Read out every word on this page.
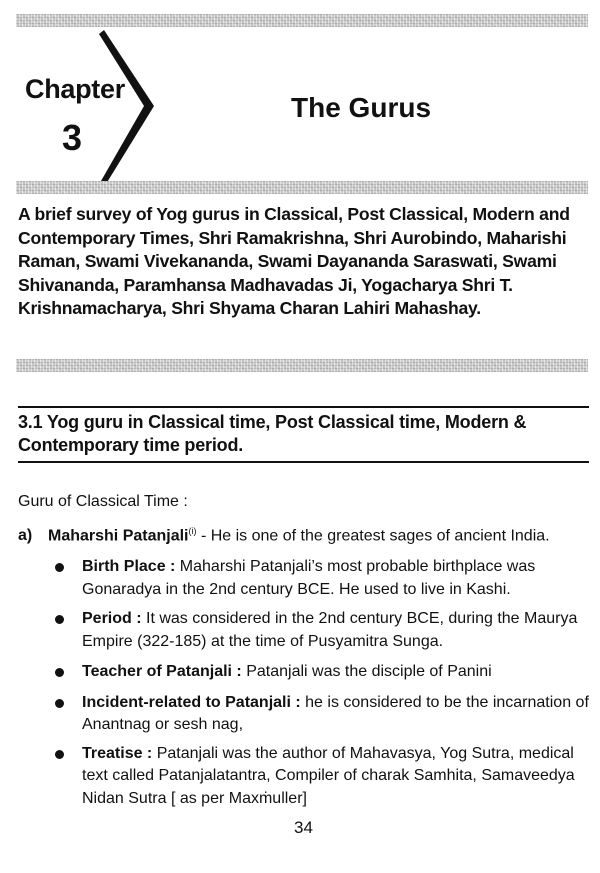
Chapter
3
The Gurus

A brief survey of Yog gurus in Classical, Post Classical, Modern and Contemporary Times, Shri Ramakrishna, Shri Aurobindo, Maharishi Raman, Swami Vivekananda, Swami Dayananda Saraswati, Swami Shivananda, Paramhansa Madhavadas Ji, Yogacharya Shri T. Krishnamacharya, Shri Shyama Charan Lahiri Mahashay.

3.1 Yog guru in Classical time, Post Classical time, Modern & Contemporary time period.

Guru of Classical Time :

a) Maharshi Patanjali$^{(i)}$ - He is one of the greatest sages of ancient India.

Birth Place : Maharshi Patanjali’s most probable birthplace was Gonaradya in the 2nd century BCE. He used to live in Kashi.
Period : It was considered in the 2nd century BCE, during the Maurya Empire (322-185) at the time of Pusyamitra Sunga.
Teacher of Patanjali : Patanjali was the disciple of Panini
Incident-related to Patanjali : he is considered to be the incarnation of Anantnag or sesh nag,
Treatise : Patanjali was the author of Mahavasya, Yog Sutra, medical text called Patanjalatantra, Compiler of charak Samhita, Samaveedya Nidan Sutra [ as per Maxṁuller]

34
